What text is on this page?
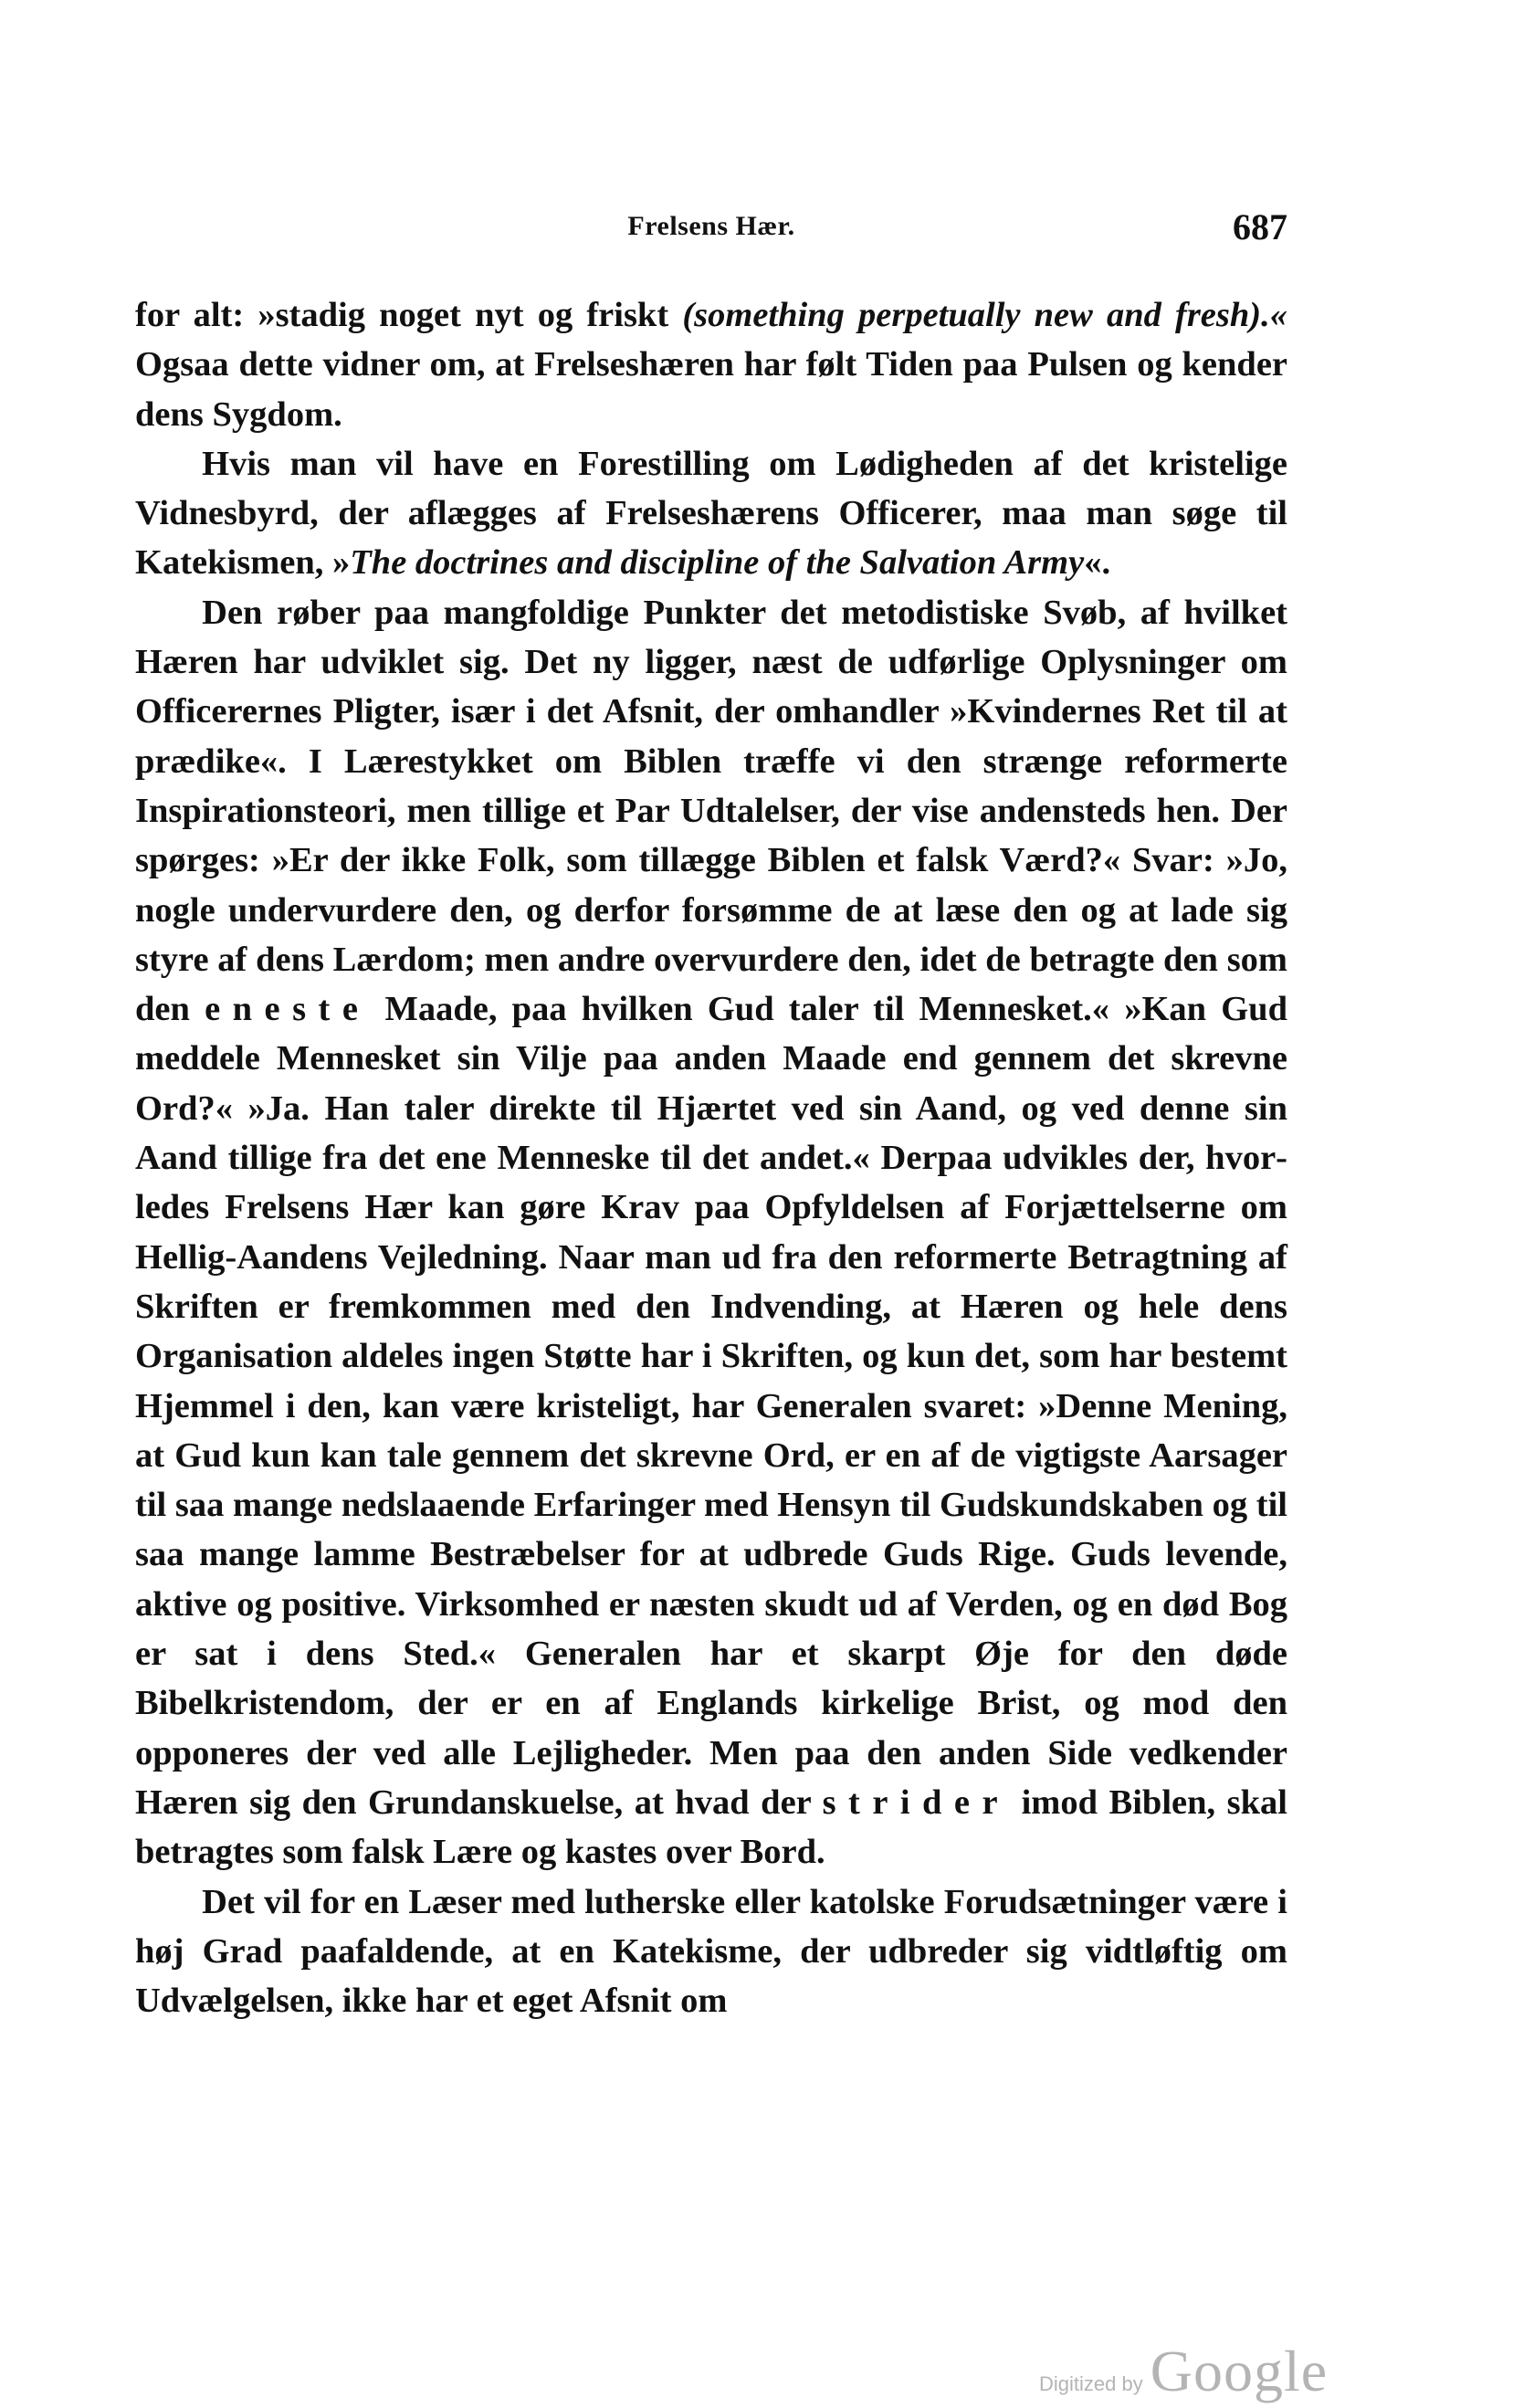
Frelsens Hær.	687

for alt: »stadig noget nyt og friskt (something perpetually new and fresh).« Ogsaa dette vidner om, at Frelseshæren har følt Tiden paa Pulsen og kender dens Sygdom.

Hvis man vil have en Forestilling om Lødigheden af det kristelige Vidnesbyrd, der aflægges af Frelseshærens Officerer, maa man søge til Katekismen, »The doctrines and discipline of the Salvation Army«.

Den røber paa mangfoldige Punkter det metodistiske Svøb, af hvilket Hæren har udviklet sig. Det ny ligger, næst de udførlige Oplysninger om Officerernes Pligter, især i det Afsnit, der omhandler »Kvindernes Ret til at prædike«. I Lærestykket om Biblen træffe vi den strænge reformerte Inspirationsteori, men tillige et Par Udtalelser, der vise andensteds hen. Der spørges: »Er der ikke Folk, som tillægge Biblen et falsk Værd?« Svar: »Jo, nogle undervurdere den, og derfor forsømme de at læse den og at lade sig styre af dens Lærdom; men andre overvurdere den, idet de betragte den som den eneste Maade, paa hvilken Gud taler til Mennesket.« »Kan Gud meddele Mennesket sin Vilje paa anden Maade end gennem det skrevne Ord?« »Ja. Han taler direkte til Hjærtet ved sin Aand, og ved denne sin Aand tillige fra det ene Menneske til det andet.« Derpaa udvikles der, hvorledes Frelsens Hær kan gøre Krav paa Opfyldelsen af Forjættelserne om Hellig-Aandens Vejledning. Naar man ud fra den reformerte Betragtning af Skriften er fremkommen med den Indvending, at Hæren og hele dens Organisation aldeles ingen Støtte har i Skriften, og kun det, som har bestemt Hjemmel i den, kan være kristeligt, har Generalen svaret: »Denne Mening, at Gud kun kan tale gennem det skrevne Ord, er en af de vigtigste Aarsager til saa mange nedslaaende Erfaringer med Hensyn til Gudskundskaben og til saa mange lamme Bestræbelser for at udbrede Guds Rige. Guds levende, aktive og positive. Virksomhed er næsten skudt ud af Verden, og en død Bog er sat i dens Sted.« Generalen har et skarpt Øje for den døde Bibelkristendom, der er en af Englands kirkelige Brist, og mod den opponeres der ved alle Lejligheder. Men paa den anden Side vedkender Hæren sig den Grundanskuelse, at hvad der strider imod Biblen, skal betragtes som falsk Lære og kastes over Bord.

Det vil for en Læser med lutherske eller katolske Forudsætninger være i høj Grad paafaldende, at en Katekisme, der udbreder sig vidtløftig om Udvælgelsen, ikke har et eget Afsnit om

Digitized by Google
